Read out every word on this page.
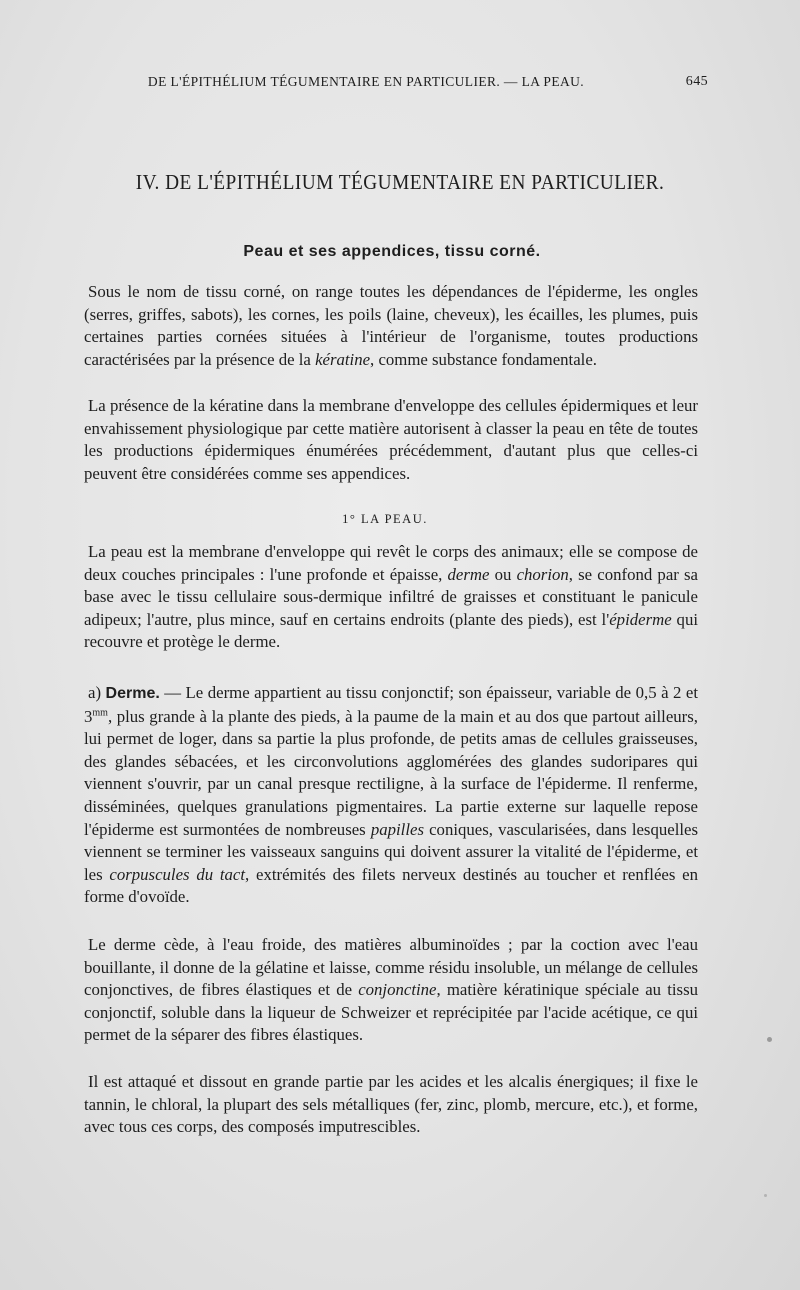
DE L'ÉPITHÉLIUM TÉGUMENTAIRE EN PARTICULIER. — LA PEAU.	645
IV. DE L'ÉPITHÉLIUM TÉGUMENTAIRE EN PARTICULIER.
Peau et ses appendices, tissu corné.

Sous le nom de tissu corné, on range toutes les dépendances de l'épiderme, les ongles (serres, griffes, sabots), les cornes, les poils (laine, cheveux), les écailles, les plumes, puis certaines parties cornées situées à l'intérieur de l'organisme, toutes productions caractérisées par la présence de la kératine, comme substance fondamentale.

La présence de la kératine dans la membrane d'enveloppe des cellules épidermiques et leur envahissement physiologique par cette matière autorisent à classer la peau en tête de toutes les productions épidermiques énumérées précédemment, d'autant plus que celles-ci peuvent être considérées comme ses appendices.

1° LA PEAU.

La peau est la membrane d'enveloppe qui revêt le corps des animaux; elle se compose de deux couches principales : l'une profonde et épaisse, derme ou chorion, se confond par sa base avec le tissu cellulaire sous-dermique infiltré de graisses et constituant le panicule adipeux; l'autre, plus mince, sauf en certains endroits (plante des pieds), est l'épiderme qui recouvre et protège le derme.

a) Derme. — Le derme appartient au tissu conjonctif; son épaisseur, variable de 0,5 à 2 et $3^{mm}$, plus grande à la plante des pieds, à la paume de la main et au dos que partout ailleurs, lui permet de loger, dans sa partie la plus profonde, de petits amas de cellules graisseuses, des glandes sébacées, et les circonvolutions agglomérées des glandes sudoripares qui viennent s'ouvrir, par un canal presque rectiligne, à la surface de l'épiderme. Il renferme, disséminées, quelques granulations pigmentaires. La partie externe sur laquelle repose l'épiderme est surmontées de nombreuses papilles coniques, vascularisées, dans lesquelles viennent se terminer les vaisseaux sanguins qui doivent assurer la vitalité de l'épiderme, et les corpuscules du tact, extrémités des filets nerveux destinés au toucher et renflées en forme d'ovoïde.

Le derme cède, à l'eau froide, des matières albuminoïdes ; par la coction avec l'eau bouillante, il donne de la gélatine et laisse, comme résidu insoluble, un mélange de cellules conjonctives, de fibres élastiques et de conjonctine, matière kératinique spéciale au tissu conjonctif, soluble dans la liqueur de Schweizer et reprécipitée par l'acide acétique, ce qui permet de la séparer des fibres élastiques.

Il est attaqué et dissout en grande partie par les acides et les alcalis énergiques; il fixe le tannin, le chloral, la plupart des sels métalliques (fer, zinc, plomb, mercure, etc.), et forme, avec tous ces corps, des composés imputrescibles.
